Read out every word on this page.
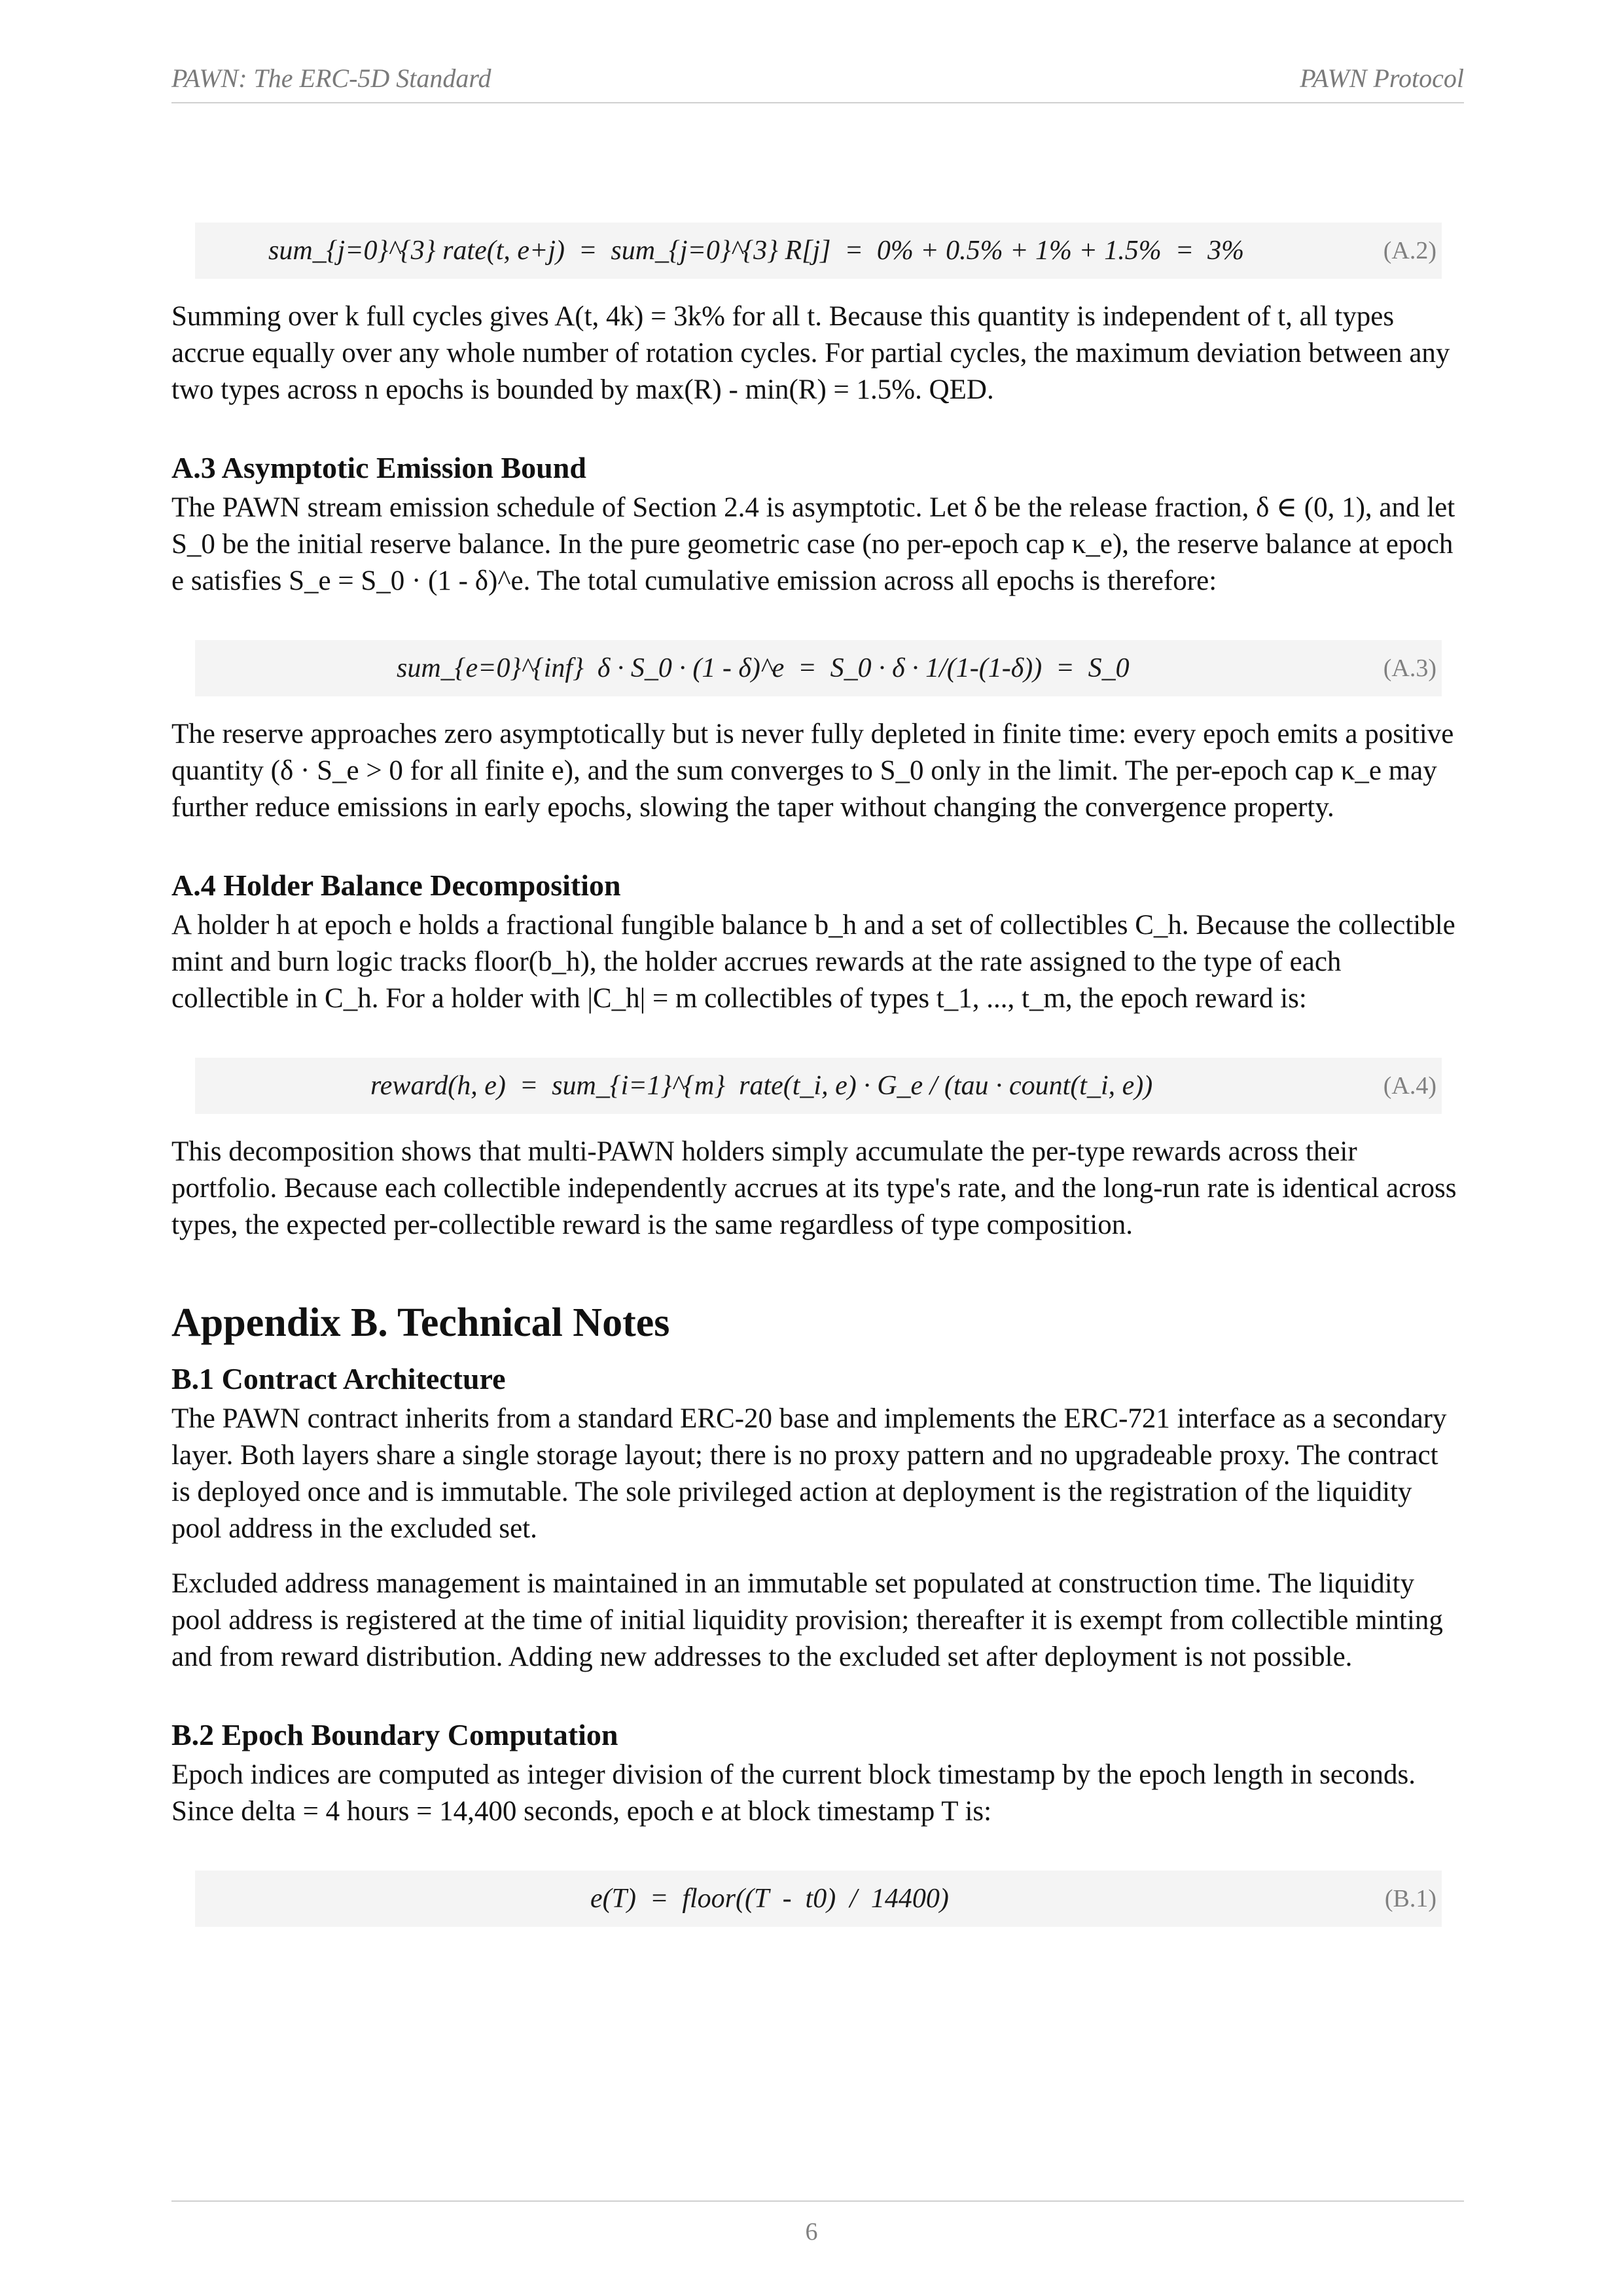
PAWN: The ERC-5D Standard	PAWN Protocol

sum_{j=0}^{3} rate(t, e+j)  =  sum_{j=0}^{3} R[j]  =  0% + 0.5% + 1% + 1.5%  =  3%

	(A.2)

Summing over k full cycles gives A(t, 4k) = 3k% for all t. Because this quantity is independent of t, all types accrue equally over any whole number of rotation cycles. For partial cycles, the maximum deviation between any two types across n epochs is bounded by max(R) - min(R) = 1.5%. QED.

A.3 Asymptotic Emission Bound

The PAWN stream emission schedule of Section 2.4 is asymptotic. Let δ be the release fraction, δ ∈ (0, 1), and let S_0 be the initial reserve balance. In the pure geometric case (no per-epoch cap κ_e), the reserve balance at epoch e satisfies S_e = S_0 · (1 - δ)^e. The total cumulative emission across all epochs is therefore:

sum_{e=0}^{inf}  δ · S_0 · (1 - δ)^e  =  S_0 · δ · 1/(1-(1-δ))  =  S_0

	(A.3)

The reserve approaches zero asymptotically but is never fully depleted in finite time: every epoch emits a positive quantity (δ · S_e > 0 for all finite e), and the sum converges to S_0 only in the limit. The per-epoch cap κ_e may further reduce emissions in early epochs, slowing the taper without changing the convergence property.

A.4 Holder Balance Decomposition

A holder h at epoch e holds a fractional fungible balance b_h and a set of collectibles C_h. Because the collectible mint and burn logic tracks floor(b_h), the holder accrues rewards at the rate assigned to the type of each collectible in C_h. For a holder with |C_h| = m collectibles of types t_1, ..., t_m, the epoch reward is:

reward(h, e)  =  sum_{i=1}^{m}  rate(t_i, e) · G_e / (tau · count(t_i, e))

	(A.4)

This decomposition shows that multi-PAWN holders simply accumulate the per-type rewards across their portfolio. Because each collectible independently accrues at its type's rate, and the long-run rate is identical across types, the expected per-collectible reward is the same regardless of type composition.

Appendix B. Technical Notes
B.1 Contract Architecture

The PAWN contract inherits from a standard ERC-20 base and implements the ERC-721 interface as a secondary layer. Both layers share a single storage layout; there is no proxy pattern and no upgradeable proxy. The contract is deployed once and is immutable. The sole privileged action at deployment is the registration of the liquidity pool address in the excluded set.

Excluded address management is maintained in an immutable set populated at construction time. The liquidity pool address is registered at the time of initial liquidity provision; thereafter it is exempt from collectible minting and from reward distribution. Adding new addresses to the excluded set after deployment is not possible.

B.2 Epoch Boundary Computation

Epoch indices are computed as integer division of the current block timestamp by the epoch length in seconds. Since delta = 4 hours = 14,400 seconds, epoch e at block timestamp T is:

e(T)  =  floor((T  -  t0)  /  14400)

	(B.1)

6
